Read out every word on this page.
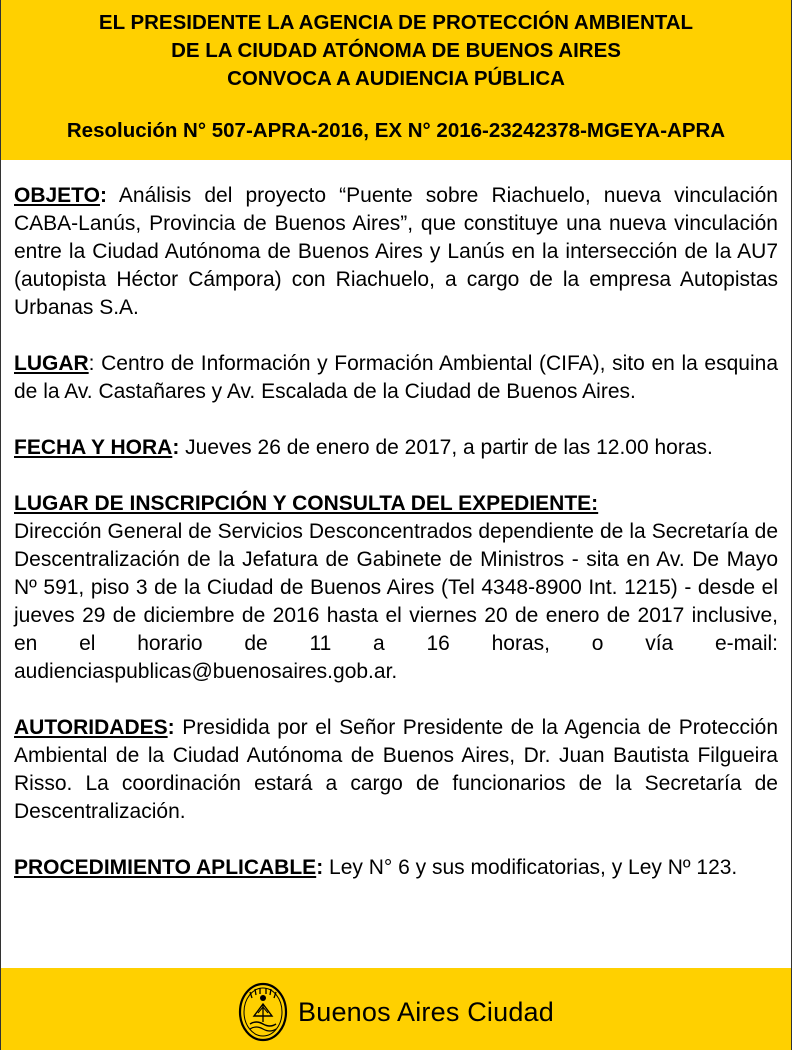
EL PRESIDENTE LA AGENCIA DE PROTECCIÓN AMBIENTAL
DE LA CIUDAD ATÓNOMA DE BUENOS AIRES
CONVOCA A AUDIENCIA PÚBLICA
Resolución N° 507-APRA-2016, EX N° 2016-23242378-MGEYA-APRA

OBJETO: Análisis del proyecto “Puente sobre Riachuelo, nueva vinculación CABA-Lanús, Provincia de Buenos Aires”, que constituye una nueva vinculación entre la Ciudad Autónoma de Buenos Aires y Lanús en la intersección de la AU7 (autopista Héctor Cámpora) con Riachuelo, a cargo de la empresa Autopistas Urbanas S.A.

LUGAR: Centro de Información y Formación Ambiental (CIFA), sito en la esquina de la Av. Castañares y Av. Escalada de la Ciudad de Buenos Aires.

FECHA Y HORA: Jueves 26 de enero de 2017, a partir de las 12.00 horas.

LUGAR DE INSCRIPCIÓN Y CONSULTA DEL EXPEDIENTE:
Dirección General de Servicios Desconcentrados dependiente de la Secretaría de Descentralización de la Jefatura de Gabinete de Ministros - sita en Av. De Mayo Nº 591, piso 3 de la Ciudad de Buenos Aires (Tel 4348-8900 Int. 1215) - desde el jueves 29 de diciembre de 2016 hasta el viernes 20 de enero de 2017 inclusive, en el horario de 11 a 16 horas, o vía e-mail: audienciaspublicas@buenosaires.gob.ar.

AUTORIDADES: Presidida por el Señor Presidente de la Agencia de Protección Ambiental de la Ciudad Autónoma de Buenos Aires, Dr. Juan Bautista Filgueira Risso. La coordinación estará a cargo de funcionarios de la Secretaría de Descentralización.

PROCEDIMIENTO APLICABLE: Ley N° 6 y sus modificatorias, y Ley Nº 123.

Buenos Aires Ciudad
